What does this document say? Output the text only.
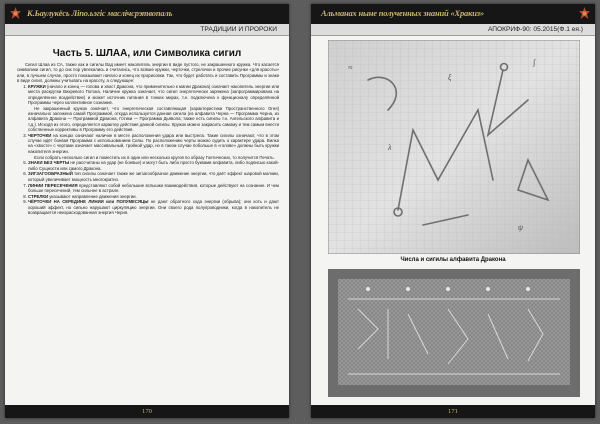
К.Ьаулукёсь Ліпо.ьэгіс маслічсрэтвопаль
ТРАДИЦИИ И ПРОРОКИ
Часть 5. ШЛАА, или Символика сигил

Сигил Шлаа из СА, также как и сигилы Вад имеет накопитель энергии в виде пустого, не закрашенного кружка. Что касается символики сигил, то до сих пор увлекались и считались, что всякие кружки, черточки, стрелочки и прочие рисунки «для красоты» или, в лучшем случае, просто показывают начало и конец их прорисовки. Так, что будет работать и составить Программы и знаки в виде сигил, должны учитывать на красоту, а следующее:

1. КРУЖКИ (начало и конец — голова и хвост Дракона, что применительно к магии Дракона) означает накопитель энергии или места раскрутки Вихревого Потока. Наличие кружка означает, что сигил энергетически заряжена (запрограммирована на определённое воздействие) и может источник питания в тонких мирах, т.е. подключена к функционалу определённой Программы через коллективное сознание.
Не закрашенный кружок означает, что энергетическая составляющая (характеристики Пространственного Огня) изначально заложена самой Программой, откуда используется данная сигила (из алфавита Черна — Программа Черна, из алфавита Дракона — Программой Дракона, Готики — Программа Дьявола; также есть сигилы т.н. Ангельского алфавита и т.д.). Исходя из этого, определяется характер действия данной сигилы. Кружок можно закрасить самому и тем самым внести собственные коррективы в Программу его действия.
3. ЧЕРТОЧКИ на концах означают наличие в месте расположения удара или выстрела. Такие сигилы означают, что в этом случае идёт боевая Программа с использованием Силы. По расположению черты можно судить о характере удара. Вилка на «хвосте» с чертами означает массивальный, тройной удар, но в таком случае побольше в «голове» должны быть кружки накопителя энергии.
Если собрать несколько сигил и поместить их в один или несколько кругов по образу Гоетических, то получится Печать.
5. ЗНАКИ БЕЗ ЧЕРТЫ не рассчитаны на удар (не боевые) и могут быть либо просто буквами алфавита, либо подписью какой-либо Сущности или самого Дракона.
6. ЗИГЗАГООБРАЗНЫЙ тип сигилы означает также же зигзагообразное движение энергии, что даёт эффект шаровой молнии, который увеличивает мощность многократно.
7. ЛИНИИ ПЕРЕСЕЧЕНИЯ представляют собой небольшие вспышки взаимодействия, которые действуют на сознание. И чем больше пересечений, тем сильнее в астрале.
8. СТРЕЛКИ указывают направление движения энергии.
9. ЧЁРТОЧКИ НА СЕРЕДИНЕ ЛИНИИ или ПОЛУМЕСЯЦЫ не дают обратного хода энергии (обрыва); они хоть и дают хороший эффект, но сильно нарушают циркуляцию энергии. Они своего рода полупроводники, когда в накопитель не возвращается неизрасходованная энергия Черня.
170
Альманах ныне полученных знаний «Хракиз»
АПОКРИФ-90: 05.2015(Ф.1 ея.)
≈
∫
λ
ψ
ξ
Числа и сигилы алфавита Дракона
171
